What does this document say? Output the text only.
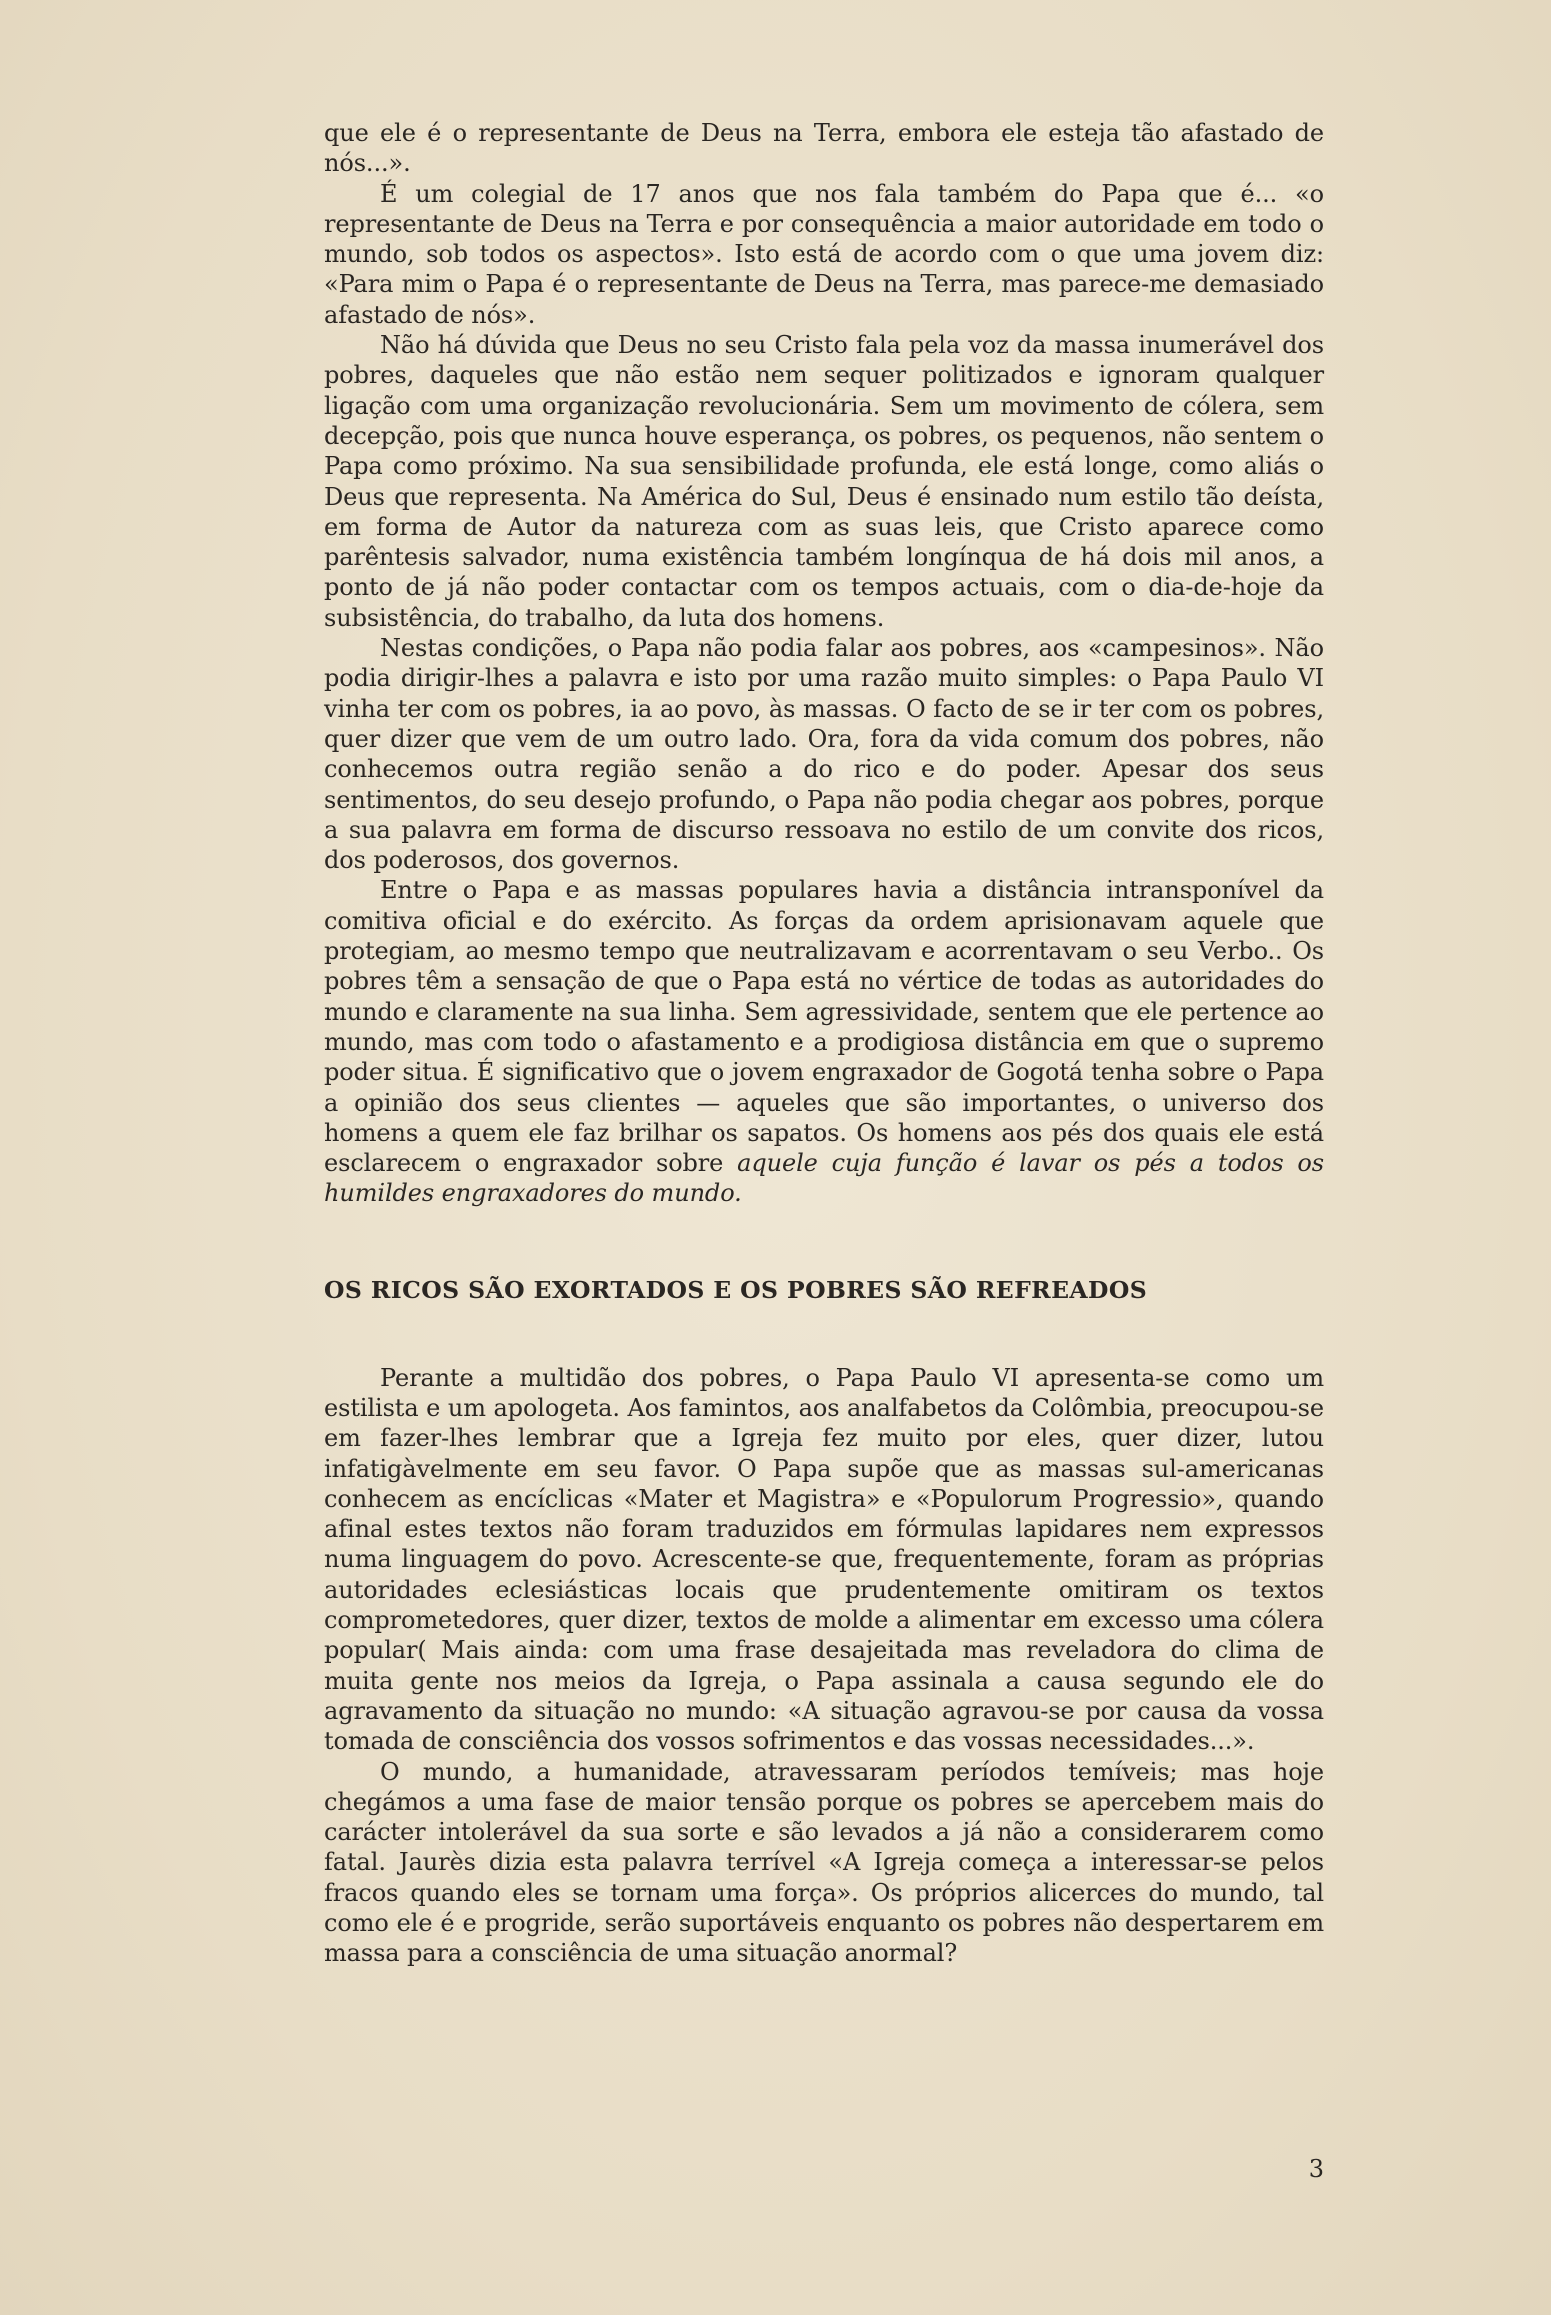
que ele é o representante de Deus na Terra, embora ele esteja tão afastado de nós...».

É um colegial de 17 anos que nos fala também do Papa que é... «o representante de Deus na Terra e por consequência a maior autoridade em todo o mundo, sob todos os aspectos». Isto está de acordo com o que uma jovem diz: «Para mim o Papa é o representante de Deus na Terra, mas parece-me demasiado afastado de nós».

Não há dúvida que Deus no seu Cristo fala pela voz da massa inumerável dos pobres, daqueles que não estão nem sequer politizados e ignoram qualquer ligação com uma organização revolucionária. Sem um movimento de cólera, sem decepção, pois que nunca houve esperança, os pobres, os pequenos, não sentem o Papa como próximo. Na sua sensibilidade profunda, ele está longe, como aliás o Deus que representa. Na América do Sul, Deus é ensinado num estilo tão deísta, em forma de Autor da natureza com as suas leis, que Cristo aparece como parêntesis salvador, numa existência também longínqua de há dois mil anos, a ponto de já não poder contactar com os tempos actuais, com o dia-de-hoje da subsistência, do trabalho, da luta dos homens.

Nestas condições, o Papa não podia falar aos pobres, aos «campesinos». Não podia dirigir-lhes a palavra e isto por uma razão muito simples: o Papa Paulo VI vinha ter com os pobres, ia ao povo, às massas. O facto de se ir ter com os pobres, quer dizer que vem de um outro lado. Ora, fora da vida comum dos pobres, não conhecemos outra região senão a do rico e do poder. Apesar dos seus sentimentos, do seu desejo profundo, o Papa não podia chegar aos pobres, porque a sua palavra em forma de discurso ressoava no estilo de um convite dos ricos, dos poderosos, dos governos.

Entre o Papa e as massas populares havia a distância intransponível da comitiva oficial e do exército. As forças da ordem aprisionavam aquele que protegiam, ao mesmo tempo que neutralizavam e acorrentavam o seu Verbo.. Os pobres têm a sensação de que o Papa está no vértice de todas as autoridades do mundo e claramente na sua linha. Sem agressividade, sentem que ele pertence ao mundo, mas com todo o afastamento e a prodigiosa distância em que o supremo poder situa. É significativo que o jovem engraxador de Gogotá tenha sobre o Papa a opinião dos seus clientes — aqueles que são importantes, o universo dos homens a quem ele faz brilhar os sapatos. Os homens aos pés dos quais ele está esclarecem o engraxador sobre aquele cuja função é lavar os pés a todos os humildes engraxadores do mundo.

OS RICOS SÃO EXORTADOS E OS POBRES SÃO REFREADOS

Perante a multidão dos pobres, o Papa Paulo VI apresenta-se como um estilista e um apologeta. Aos famintos, aos analfabetos da Colômbia, preocupou-se em fazer-lhes lembrar que a Igreja fez muito por eles, quer dizer, lutou infatigàvelmente em seu favor. O Papa supõe que as massas sul-americanas conhecem as encíclicas «Mater et Magistra» e «Populorum Progressio», quando afinal estes textos não foram traduzidos em fórmulas lapidares nem expressos numa linguagem do povo. Acrescente-se que, frequentemente, foram as próprias autoridades eclesiásticas locais que prudentemente omitiram os textos comprometedores, quer dizer, textos de molde a alimentar em excesso uma cólera popular( Mais ainda: com uma frase desajeitada mas reveladora do clima de muita gente nos meios da Igreja, o Papa assinala a causa segundo ele do agravamento da situação no mundo: «A situação agravou-se por causa da vossa tomada de consciência dos vossos sofrimentos e das vossas necessidades...».

O mundo, a humanidade, atravessaram períodos temíveis; mas hoje chegámos a uma fase de maior tensão porque os pobres se apercebem mais do carácter intolerável da sua sorte e são levados a já não a considerarem como fatal. Jaurès dizia esta palavra terrível «A Igreja começa a interessar-se pelos fracos quando eles se tornam uma força». Os próprios alicerces do mundo, tal como ele é e progride, serão suportáveis enquanto os pobres não despertarem em massa para a consciência de uma situação anormal?

3
